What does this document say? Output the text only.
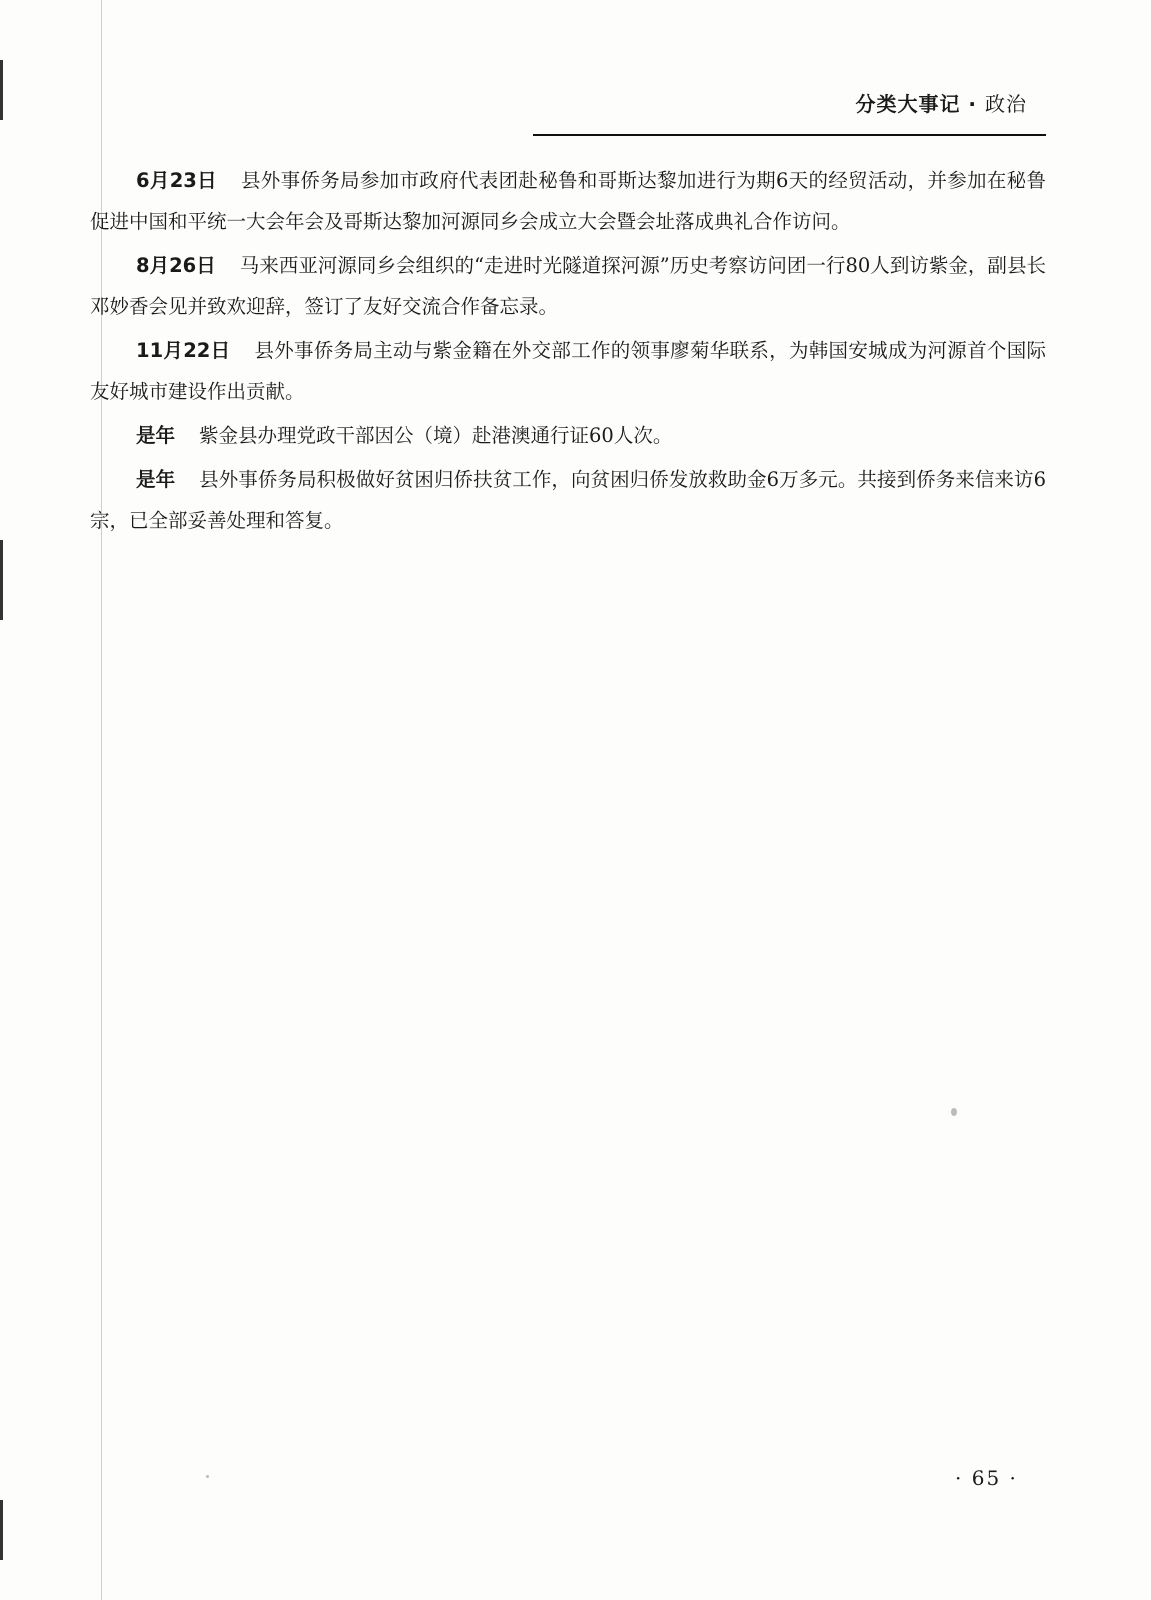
分类大事记 · 政治

6月23日 县外事侨务局参加市政府代表团赴秘鲁和哥斯达黎加进行为期6天的经贸活动，并参加在秘鲁促进中国和平统一大会年会及哥斯达黎加河源同乡会成立大会暨会址落成典礼合作访问。

8月26日 马来西亚河源同乡会组织的“走进时光隧道探河源”历史考察访问团一行80人到访紫金，副县长邓妙香会见并致欢迎辞，签订了友好交流合作备忘录。

11月22日 县外事侨务局主动与紫金籍在外交部工作的领事廖菊华联系，为韩国安城成为河源首个国际友好城市建设作出贡献。

是年 紫金县办理党政干部因公（境）赴港澳通行证60人次。

是年 县外事侨务局积极做好贫困归侨扶贫工作，向贫困归侨发放救助金6万多元。共接到侨务来信来访6宗，已全部妥善处理和答复。

· 65 ·
